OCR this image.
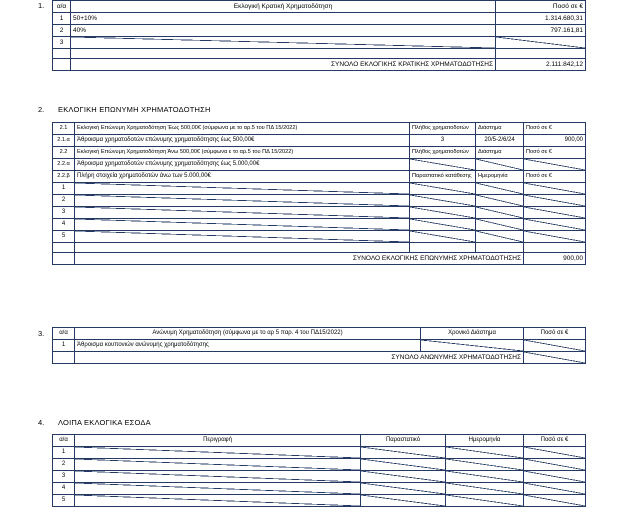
1. α/α	Εκλογική Κρατική Χρηματοδότηση	Ποσό σε €
1	50+10%	1.314.680,31
2	40%	797.161,81
3		

	ΣΥΝΟΛΟ ΕΚΛΟΓΙΚΗΣ ΚΡΑΤΙΚΗΣ ΧΡΗΜΑΤΟΔΟΤΗΣΗΣ	2.111.842,12
2. ΕΚΛΟΓΙΚΗ ΕΠΩΝΥΜΗ ΧΡΗΜΑΤΟΔΟΤΗΣΗ
2.1	Εκλογική Επώνυμη Χρηματοδότηση Έως 500,00€ (σύμφωνα με το αρ.5 του ΠΔ 15/2022)	Πλήθος χρηματοδοτών	Διάστημα	Ποσό σε €
2.1.α	Άθροισμα χρηματοδοτών επώνυμης χρηματοδότησης έως 500,00€	3	20/5-2/6/24	900,00
2.2	Εκλογική Επώνυμη Χρηματοδότηση Άνω 500,00€ (σύμφωνα ε το αρ.5 του ΠΔ 15/2022)	Πλήθος χρηματοδοτών	Διάστημα	Ποσό σε €
2.2.α	Άθροισμα χρηματοδοτών επώνυμης χρηματοδότησης έως 5.000,00€			
2.2.β	Πλήρη στοιχεία χρηματοδοτών άνω των 5.000,00€	Παραστατικό κατάθεσης	Ημερομηνία	Ποσό σε €
1				
2				
3				
4				
5				

	ΣΥΝΟΛΟ ΕΚΛΟΓΙΚΗΣ ΕΠΩΝΥΜΗΣ ΧΡΗΜΑΤΟΔΟΤΗΣΗΣ			900,00
3. α/α	Ανώνυμη Χρηματοδότηση (σύμφωνα με το αρ 5 παρ. 4 του ΠΔ15/2022)	Χρονικό Διάστημα	Ποσό σε €
1	Άθροισμα κουπονιών ανώνυμης χρηματοδότησης		
	ΣΥΝΟΛΟ ΑΝΩΝΥΜΗΣ ΧΡΗΜΑΤΟΔΟΤΗΣΗΣ		
4. ΛΟΙΠΑ ΕΚΛΟΓΙΚΑ ΕΣΟΔΑ
α/α	Περιγραφή	Παραστατικό	Ημερομηνία	Ποσό σε €
1				
2				
3				
4				
5				
